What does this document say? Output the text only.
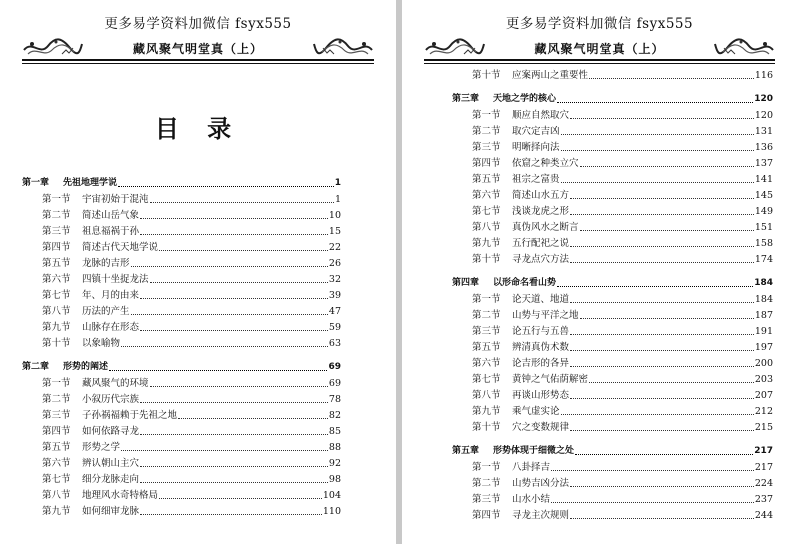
更多易学资料加微信 fsyx555
藏风聚气明堂真（上）
目 录
第一章	先祖地理学说	1
第一节	宇宙初始于混沌	1
第二节	简述山岳气象	10
第三节	祖息福祸于孙	15
第四节	简述古代天地学说	22
第五节	龙脉的吉形	26
第六节	四镇十坐捉龙法	32
第七节	年、月的由来	39
第八节	历法的产生	47
第九节	山脉存在形态	59
第十节	以象喻物	63
第二章	形势的阐述	69
第一节	藏风聚气的环境	69
第二节	小叙历代宗族	78
第三节	子孙祸福赖于先祖之地	82
第四节	如何依路寻龙	85
第五节	形势之学	88
第六节	辨认朝山主穴	92
第七节	细分龙脉走向	98
第八节	地理风水奇特格局	104
第九节	如何细审龙脉	110
更多易学资料加微信 fsyx555
藏风聚气明堂真（上）
第十节	应案两山之重要性	116
第三章	天地之学的核心	120
第一节	顺应自然取穴	120
第二节	取穴定吉凶	131
第三节	明晰择向法	136
第四节	依窟之种类立穴	137
第五节	祖宗之富贵	141
第六节	简述山水五方	145
第七节	浅谈龙虎之形	149
第八节	真伪风水之断言	151
第九节	五行配祀之说	158
第十节	寻龙点穴方法	174
第四章	以形命名看山势	184
第一节	论天道、地道	184
第二节	山势与平洋之地	187
第三节	论五行与五兽	191
第五节	辨清真伪术数	197
第六节	论吉形的各异	200
第七节	黄钟之气佑荫解密	203
第八节	再谈山形势态	207
第九节	乘气虚实论	212
第十节	穴之变数规律	215
第五章	形势体现于细微之处	217
第一节	八卦择吉	217
第二节	山势吉凶分法	224
第三节	山水小结	237
第四节	寻龙主次规则	244
